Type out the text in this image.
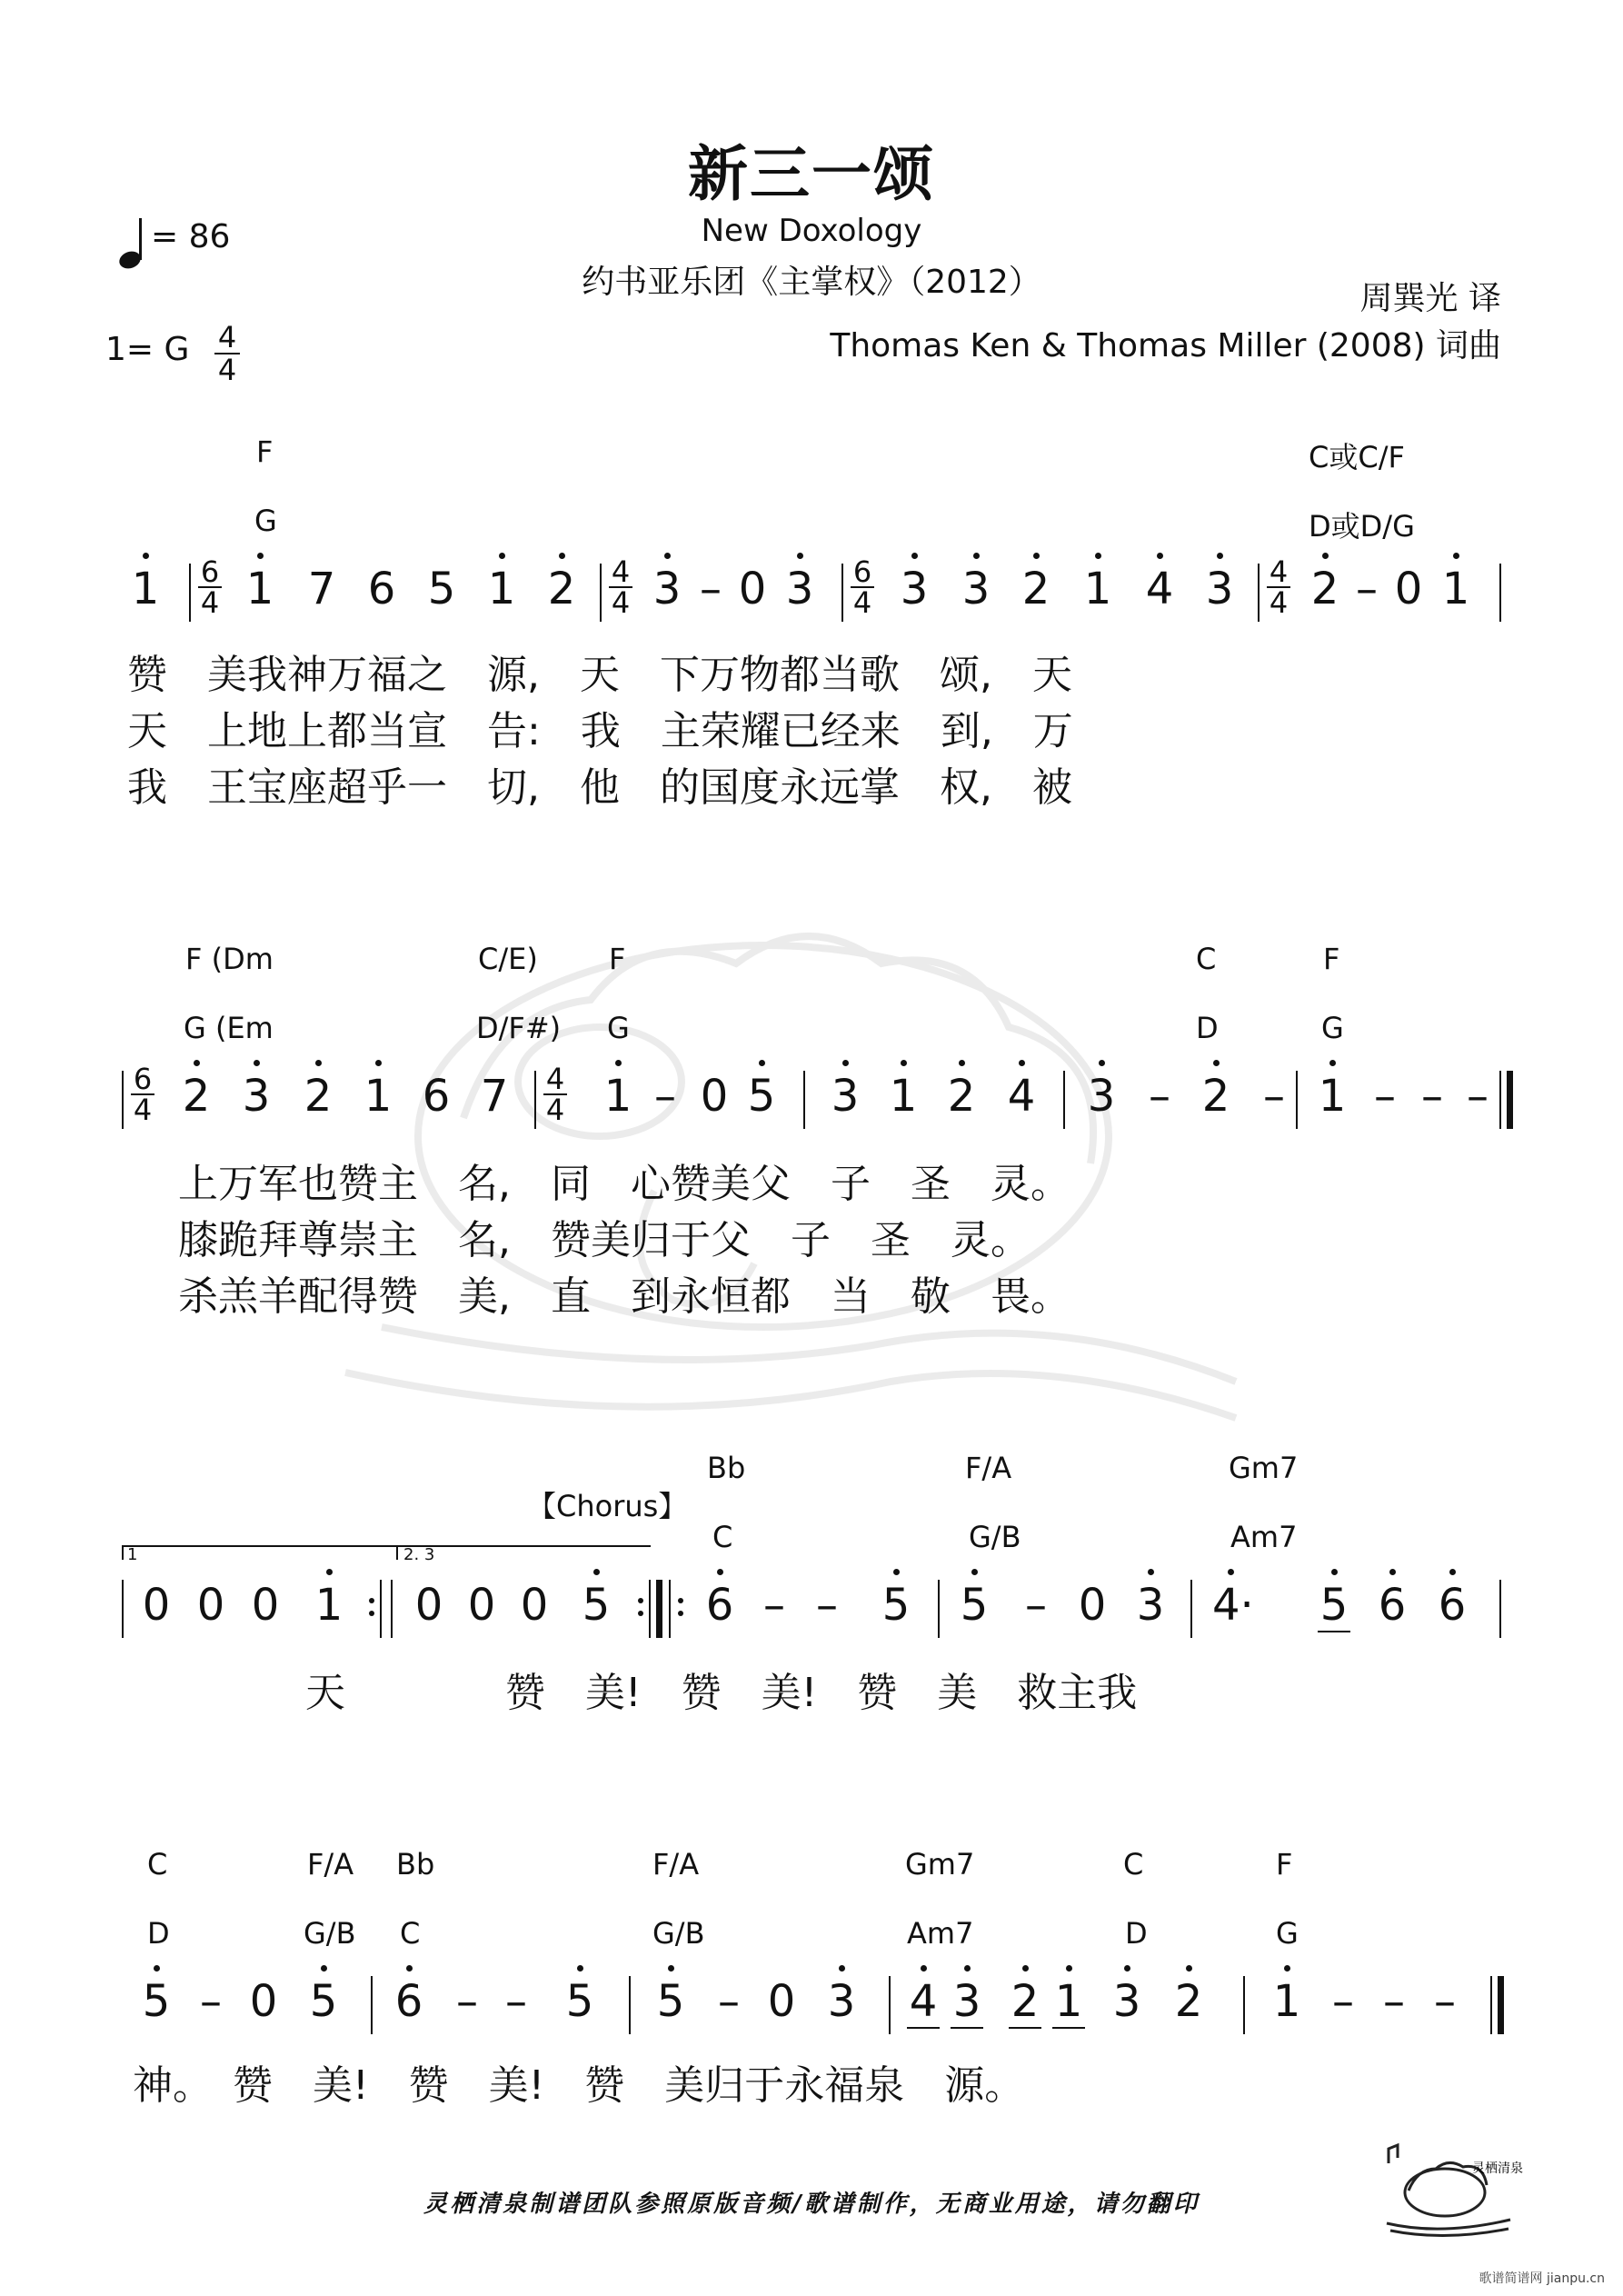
新三一颂
New Doxology
约书亚乐团《主掌权》（2012）	周巽光 译
Thomas Ken & Thomas Miller (2008) 词曲
= 86
1= G 4
4
F	C或C/F
G	D或D/G
1 6
4 1 7 6 5 1 2 4
4 3 – 0 3 6
4 3 3 2 1 4 3 4
4 2 – 0 1
赞　美我神万福之　源,　天　下万物都当歌　颂,　天
天　上地上都当宣　告:　我　主荣耀已经来　到,　万
我　王宝座超乎一　切,　他　的国度永远掌　权,　被
F (Dm	C/E) F	C	F
G (Em	D/F#) G	D	G
6
4 2 3 2 1 6 7 4
4 1 – 0 5 3 1 2 4 3 – 2 – 1 – – –
上万军也赞主　名,　同　心赞美父　子　圣　灵。
膝跪拜尊崇主　名,　赞美归于父　子　圣　灵。
杀羔羊配得赞　美,　直　到永恒都　当　敬　畏。
Bb	F/A	Gm7
C	G/B	Am7
【Chorus】
1	2. 3
0 0 0 1 0 0 0 5 6 – – 5 5 – 0 3 4· 5 6 6
天　　　　赞　美!　赞　美!　赞　美　救主我
C	F/A Bb	F/A	Gm7	C	F
D	G/B C	G/B	Am7	D	G
5 – 0 5 6 – – 5 5 – 0 3 4 3 2 1 3 2 1 – – –
神。　赞　美!　赞　美!　赞　美归于永福泉　源。
灵栖清泉制谱团队参照原版音频/歌谱制作，无商业用途，请勿翻印
灵栖清泉
歌谱简谱网 jianpu.cn
